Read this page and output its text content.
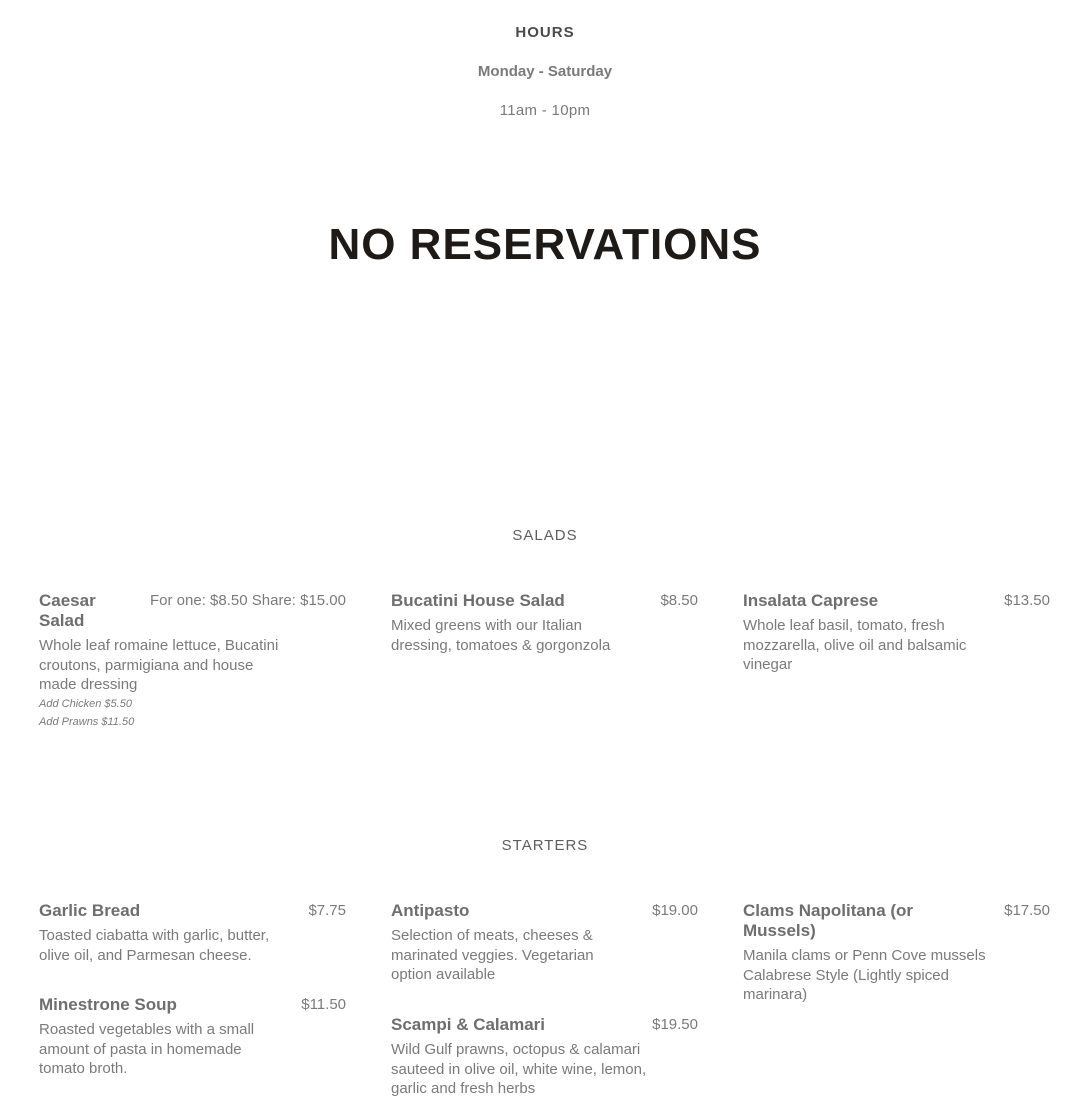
HOURS
Monday - Saturday
11am - 10pm
NO RESERVATIONS
SALADS
Caesar Salad
For one: $8.50 Share: $15.00
Whole leaf romaine lettuce, Bucatini croutons, parmigiana and house made dressing
Add Chicken $5.50
Add Prawns $11.50
Bucatini House Salad	$8.50
Mixed greens with our Italian dressing, tomatoes & gorgonzola
Insalata Caprese	$13.50
Whole leaf basil, tomato, fresh mozzarella, olive oil and balsamic vinegar
STARTERS
Garlic Bread	$7.75
Toasted ciabatta with garlic, butter, olive oil, and Parmesan cheese.
Antipasto	$19.00
Selection of meats, cheeses & marinated veggies. Vegetarian option available
Clams Napolitana (or Mussels)
$17.50
Manila clams or Penn Cove mussels Calabrese Style (Lightly spiced marinara)
Minestrone Soup	$11.50
Roasted vegetables with a small amount of pasta in homemade tomato broth.
Scampi & Calamari	$19.50
Wild Gulf prawns, octopus & calamari sauteed in olive oil, white wine, lemon, garlic and fresh herbs
